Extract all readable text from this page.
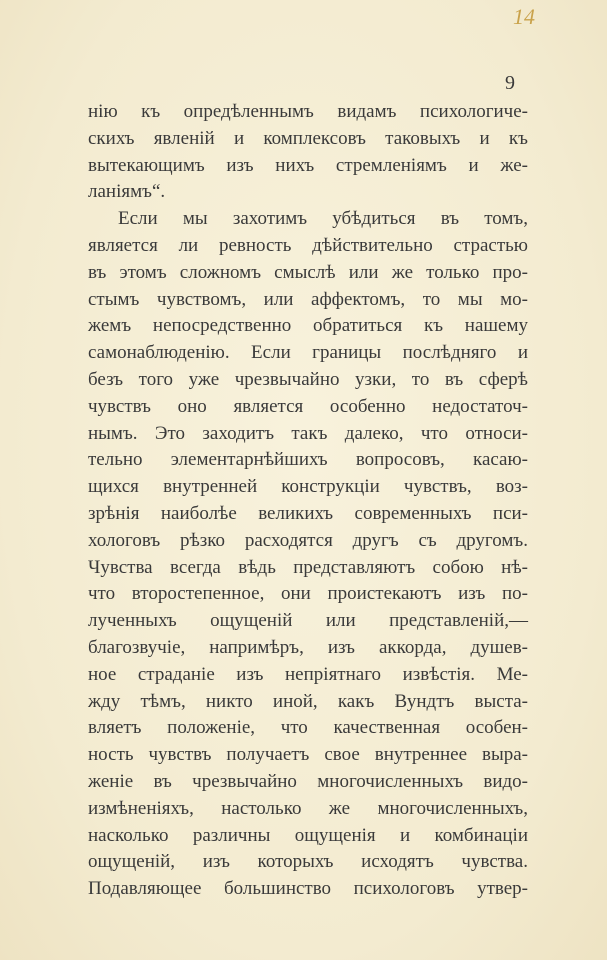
14
9
нію къ опредѣленнымъ видамъ психологиче-
скихъ явленій и комплексовъ таковыхъ и къ
вытекающимъ изъ нихъ стремленіямъ и же-
ланіямъ“.
Если мы захотимъ убѣдиться въ томъ,
является ли ревность дѣйствительно страстью
въ этомъ сложномъ смыслѣ или же только про-
стымъ чувствомъ, или аффектомъ, то мы мо-
жемъ непосредственно обратиться къ нашему
самонаблюденію. Если границы послѣдняго и
безъ того уже чрезвычайно узки, то въ сферѣ
чувствъ оно является особенно недостаточ-
нымъ. Это заходитъ такъ далеко, что относи-
тельно элементарнѣйшихъ вопросовъ, касаю-
щихся внутренней конструкціи чувствъ, воз-
зрѣнія наиболѣе великихъ современныхъ пси-
хологовъ рѣзко расходятся другъ съ другомъ.
Чувства всегда вѣдь представляютъ собою нѣ-
что второстепенное, они проистекаютъ изъ по-
лученныхъ ощущеній или представленій,—
благозвучіе, напримѣръ, изъ аккорда, душев-
ное страданіе изъ непріятнаго извѣстія. Ме-
жду тѣмъ, никто иной, какъ Вундтъ выста-
вляетъ положеніе, что качественная особен-
ность чувствъ получаетъ свое внутреннее выра-
женіе въ чрезвычайно многочисленныхъ видо-
измѣненіяхъ, настолько же многочисленныхъ,
насколько различны ощущенія и комбинаціи
ощущеній, изъ которыхъ исходятъ чувства.
Подавляющее большинство психологовъ утвер-
